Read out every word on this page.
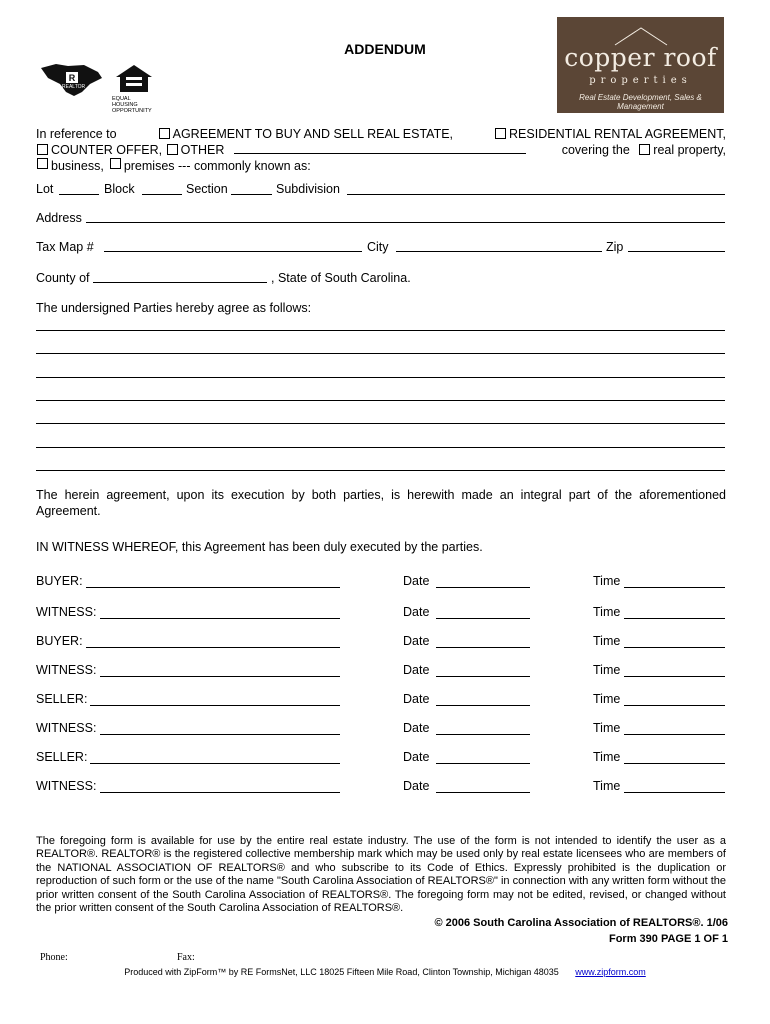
ADDENDUM
R
REALTOR
EQUAL HOUSING
OPPORTUNITY
copper roof
properties
Real Estate Development, Sales & Management
In reference to	AGREEMENT TO BUY AND SELL REAL ESTATE,	RESIDENTIAL RENTAL AGREEMENT,
COUNTER OFFER, OTHER	covering the real property,
business, premises --- commonly known as:
Lot	Block	Section	Subdivision
Address
Tax Map #	City	Zip
County of	, State of South Carolina.
The undersigned Parties hereby agree as follows:
The herein agreement, upon its execution by both parties, is herewith made an integral part of the aforementioned Agreement.
IN WITNESS WHEREOF, this Agreement has been duly executed by the parties.
BUYER:	Date	Time
WITNESS:	Date	Time
BUYER:	Date	Time
WITNESS:	Date	Time
SELLER:	Date	Time
WITNESS:	Date	Time
SELLER:	Date	Time
WITNESS:	Date	Time
The foregoing form is available for use by the entire real estate industry. The use of the form is not intended to identify the user as a REALTOR®. REALTOR® is the registered collective membership mark which may be used only by real estate licensees who are members of the NATIONAL ASSOCIATION OF REALTORS® and who subscribe to its Code of Ethics. Expressly prohibited is the duplication or reproduction of such form or the use of the name "South Carolina Association of REALTORS®" in connection with any written form without the prior written consent of the South Carolina Association of REALTORS®. The foregoing form may not be edited, revised, or changed without the prior written consent of the South Carolina Association of REALTORS®.
© 2006 South Carolina Association of REALTORS®. 1/06
Form 390 PAGE 1 OF 1
Phone:	Fax:
Produced with ZipForm™ by RE FormsNet, LLC 18025 Fifteen Mile Road, Clinton Township, Michigan 48035 www.zipform.com
